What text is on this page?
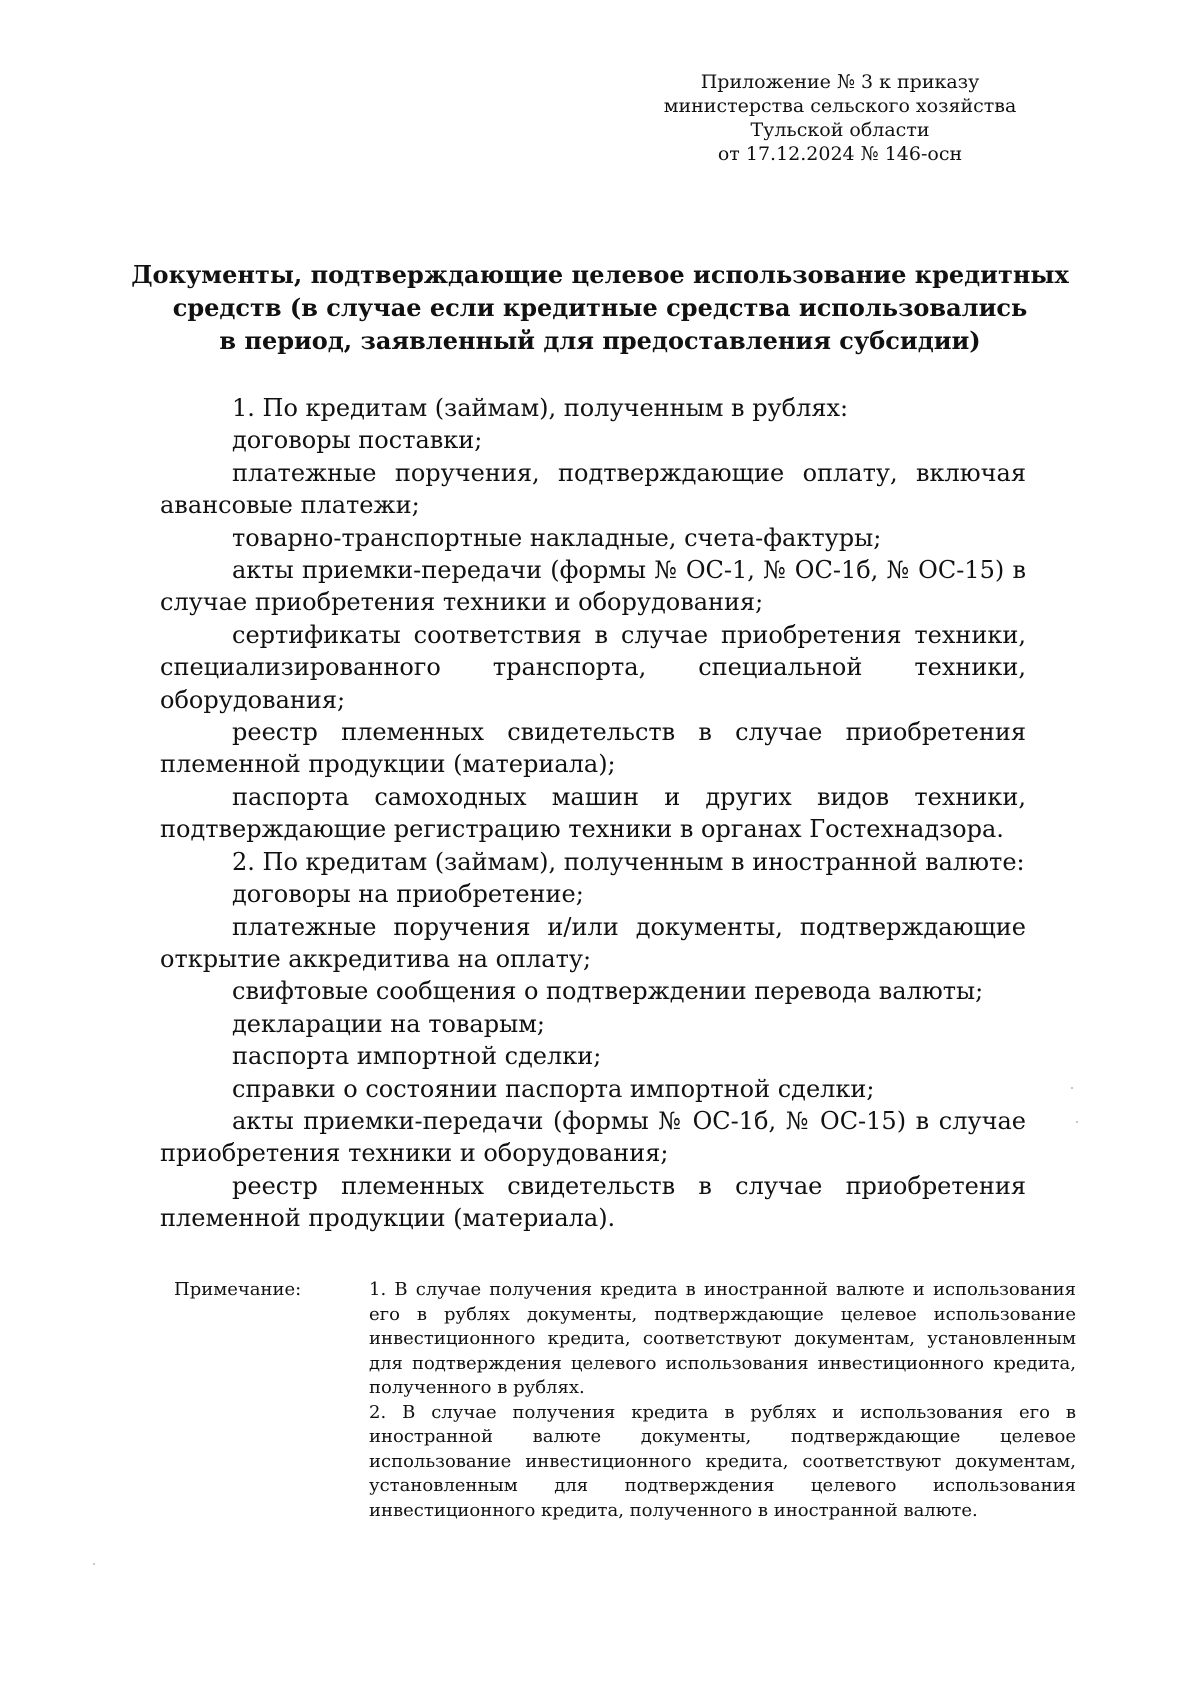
Приложение № 3 к приказу
министерства сельского хозяйства
Тульской области
от 17.12.2024 № 146-осн
Документы, подтверждающие целевое использование кредитных
средств (в случае если кредитные средства использовались
в период, заявленный для предоставления субсидии)

1. По кредитам (займам), полученным в рублях:

договоры поставки;

платежные поручения, подтверждающие оплату, включая авансовые платежи;

товарно-транспортные накладные, счета-фактуры;

акты приемки-передачи (формы № ОС-1, № ОС-1б, № ОС-15) в случае приобретения техники и оборудования;

сертификаты соответствия в случае приобретения техники, специализированного транспорта, специальной техники, оборудования;

реестр племенных свидетельств в случае приобретения племенной продукции (материала);

паспорта самоходных машин и других видов техники, подтверждающие регистрацию техники в органах Гостехнадзора.

2. По кредитам (займам), полученным в иностранной валюте:

договоры на приобретение;

платежные поручения и/или документы, подтверждающие открытие аккредитива на оплату;

свифтовые сообщения о подтверждении перевода валюты;

декларации на товарым;

паспорта импортной сделки;

справки о состоянии паспорта импортной сделки;

акты приемки-передачи (формы № ОС-1б, № ОС-15) в случае приобретения техники и оборудования;

реестр племенных свидетельств в случае приобретения племенной продукции (материала).

Примечание:	1. В случае получения кредита в иностранной валюте и использования его в рублях документы, подтверждающие целевое использование инвестиционного кредита, соответствуют документам, установленным для подтверждения целевого использования инвестиционного кредита, полученного в рублях.

2. В случае получения кредита в рублях и использования его в иностранной валюте документы, подтверждающие целевое использование инвестиционного кредита, соответствуют документам, установленным для подтверждения целевого использования инвестиционного кредита, полученного в иностранной валюте.
